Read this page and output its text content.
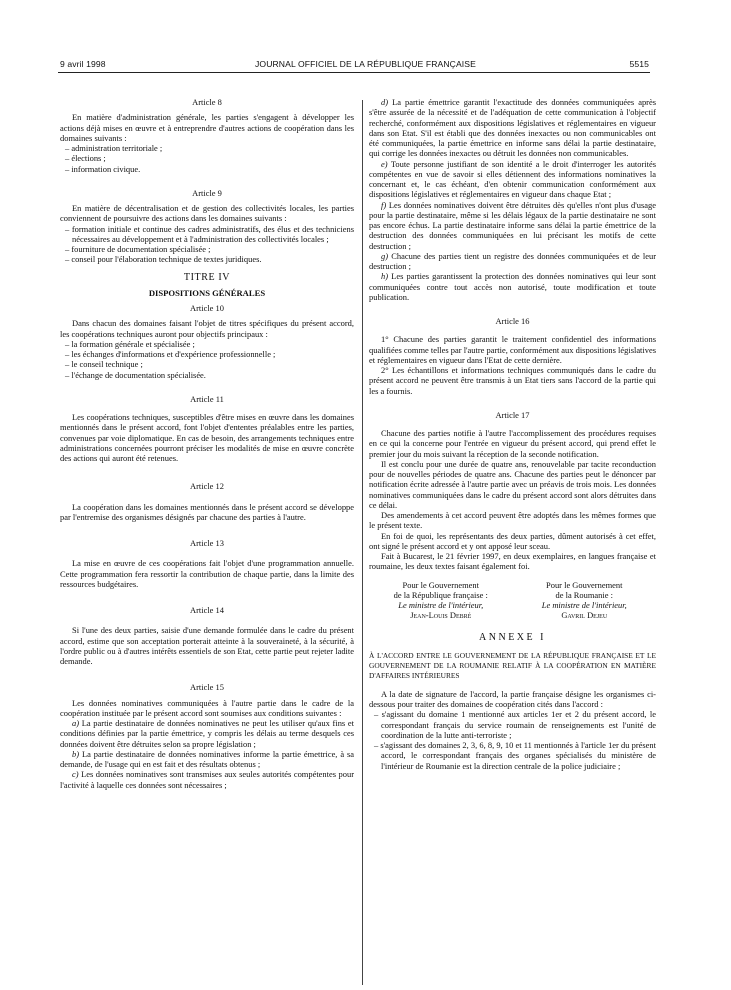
9 avril 1998	JOURNAL OFFICIEL DE LA RÉPUBLIQUE FRANÇAISE	5515

Article 8

En matière d'administration générale, les parties s'engagent à développer les actions déjà mises en œuvre et à entreprendre d'autres actions de coopération dans les domaines suivants :

– administration territoriale ;

– élections ;

– information civique.

Article 9

En matière de décentralisation et de gestion des collectivités locales, les parties conviennent de poursuivre des actions dans les domaines suivants :

– formation initiale et continue des cadres administratifs, des élus et des techniciens nécessaires au développement et à l'administration des collectivités locales ;

– fourniture de documentation spécialisée ;

– conseil pour l'élaboration technique de textes juridiques.

TITRE IV

DISPOSITIONS GÉNÉRALES

Article 10

Dans chacun des domaines faisant l'objet de titres spécifiques du présent accord, les coopérations techniques auront pour objectifs principaux :

– la formation générale et spécialisée ;

– les échanges d'informations et d'expérience professionnelle ;

– le conseil technique ;

– l'échange de documentation spécialisée.

Article 11

Les coopérations techniques, susceptibles d'être mises en œuvre dans les domaines mentionnés dans le présent accord, font l'objet d'ententes préalables entre les parties, convenues par voie diplomatique. En cas de besoin, des arrangements techniques entre administrations concernées pourront préciser les modalités de mise en œuvre concrète des actions qui auront été retenues.

Article 12

La coopération dans les domaines mentionnés dans le présent accord se développe par l'entremise des organismes désignés par chacune des parties à l'autre.

Article 13

La mise en œuvre de ces coopérations fait l'objet d'une programmation annuelle. Cette programmation fera ressortir la contribution de chaque partie, dans la limite des ressources budgétaires.

Article 14

Si l'une des deux parties, saisie d'une demande formulée dans le cadre du présent accord, estime que son acceptation porterait atteinte à la souveraineté, à la sécurité, à l'ordre public ou à d'autres intérêts essentiels de son Etat, cette partie peut rejeter ladite demande.

Article 15

Les données nominatives communiquées à l'autre partie dans le cadre de la coopération instituée par le présent accord sont soumises aux conditions suivantes :

a) La partie destinataire de données nominatives ne peut les utiliser qu'aux fins et conditions définies par la partie émettrice, y compris les délais au terme desquels ces données doivent être détruites selon sa propre législation ;

b) La partie destinataire de données nominatives informe la partie émettrice, à sa demande, de l'usage qui en est fait et des résultats obtenus ;

c) Les données nominatives sont transmises aux seules autorités compétentes pour l'activité à laquelle ces données sont nécessaires ;

d) La partie émettrice garantit l'exactitude des données communiquées après s'être assurée de la nécessité et de l'adéquation de cette communication à l'objectif recherché, conformément aux dispositions législatives et réglementaires en vigueur dans son Etat. S'il est établi que des données inexactes ou non communicables ont été communiquées, la partie émettrice en informe sans délai la partie destinataire, qui corrige les données inexactes ou détruit les données non communicables.

e) Toute personne justifiant de son identité a le droit d'interroger les autorités compétentes en vue de savoir si elles détiennent des informations nominatives la concernant et, le cas échéant, d'en obtenir communication conformément aux dispositions législatives et réglementaires en vigueur dans chaque Etat ;

f) Les données nominatives doivent être détruites dès qu'elles n'ont plus d'usage pour la partie destinataire, même si les délais légaux de la partie destinataire ne sont pas encore échus. La partie destinataire informe sans délai la partie émettrice de la destruction des données communiquées en lui précisant les motifs de cette destruction ;

g) Chacune des parties tient un registre des données communiquées et de leur destruction ;

h) Les parties garantissent la protection des données nominatives qui leur sont communiquées contre tout accès non autorisé, toute modification et toute publication.

Article 16

1° Chacune des parties garantit le traitement confidentiel des informations qualifiées comme telles par l'autre partie, conformément aux dispositions législatives et réglementaires en vigueur dans l'Etat de cette dernière.

2° Les échantillons et informations techniques communiqués dans le cadre du présent accord ne peuvent être transmis à un Etat tiers sans l'accord de la partie qui les a fournis.

Article 17

Chacune des parties notifie à l'autre l'accomplissement des procédures requises en ce qui la concerne pour l'entrée en vigueur du présent accord, qui prend effet le premier jour du mois suivant la réception de la seconde notification.

Il est conclu pour une durée de quatre ans, renouvelable par tacite reconduction pour de nouvelles périodes de quatre ans. Chacune des parties peut le dénoncer par notification écrite adressée à l'autre partie avec un préavis de trois mois. Les données nominatives communiquées dans le cadre du présent accord sont alors détruites dans ce délai.

Des amendements à cet accord peuvent être adoptés dans les mêmes formes que le présent texte.

En foi de quoi, les représentants des deux parties, dûment autorisés à cet effet, ont signé le présent accord et y ont apposé leur sceau.

Fait à Bucarest, le 21 février 1997, en deux exemplaires, en langues française et roumaine, les deux textes faisant également foi.

Pour le Gouvernement
de la République française :
Le ministre de l'intérieur,
Jean-Louis Debré
Pour le Gouvernement
de la Roumanie :
Le ministre de l'intérieur,
Gavril Dejeu

ANNEXE I

À L'ACCORD ENTRE LE GOUVERNEMENT DE LA RÉPUBLIQUE FRANÇAISE ET LE GOUVERNEMENT DE LA ROUMANIE RELATIF À LA COOPÉRATION EN MATIÈRE D'AFFAIRES INTÉRIEURES

A la date de signature de l'accord, la partie française désigne les organismes ci-dessous pour traiter des domaines de coopération cités dans l'accord :

– s'agissant du domaine 1 mentionné aux articles 1er et 2 du présent accord, le correspondant français du service roumain de renseignements est l'unité de coordination de la lutte anti-terroriste ;

– s'agissant des domaines 2, 3, 6, 8, 9, 10 et 11 mentionnés à l'article 1er du présent accord, le correspondant français des organes spécialisés du ministère de l'intérieur de Roumanie est la direction centrale de la police judiciaire ;
